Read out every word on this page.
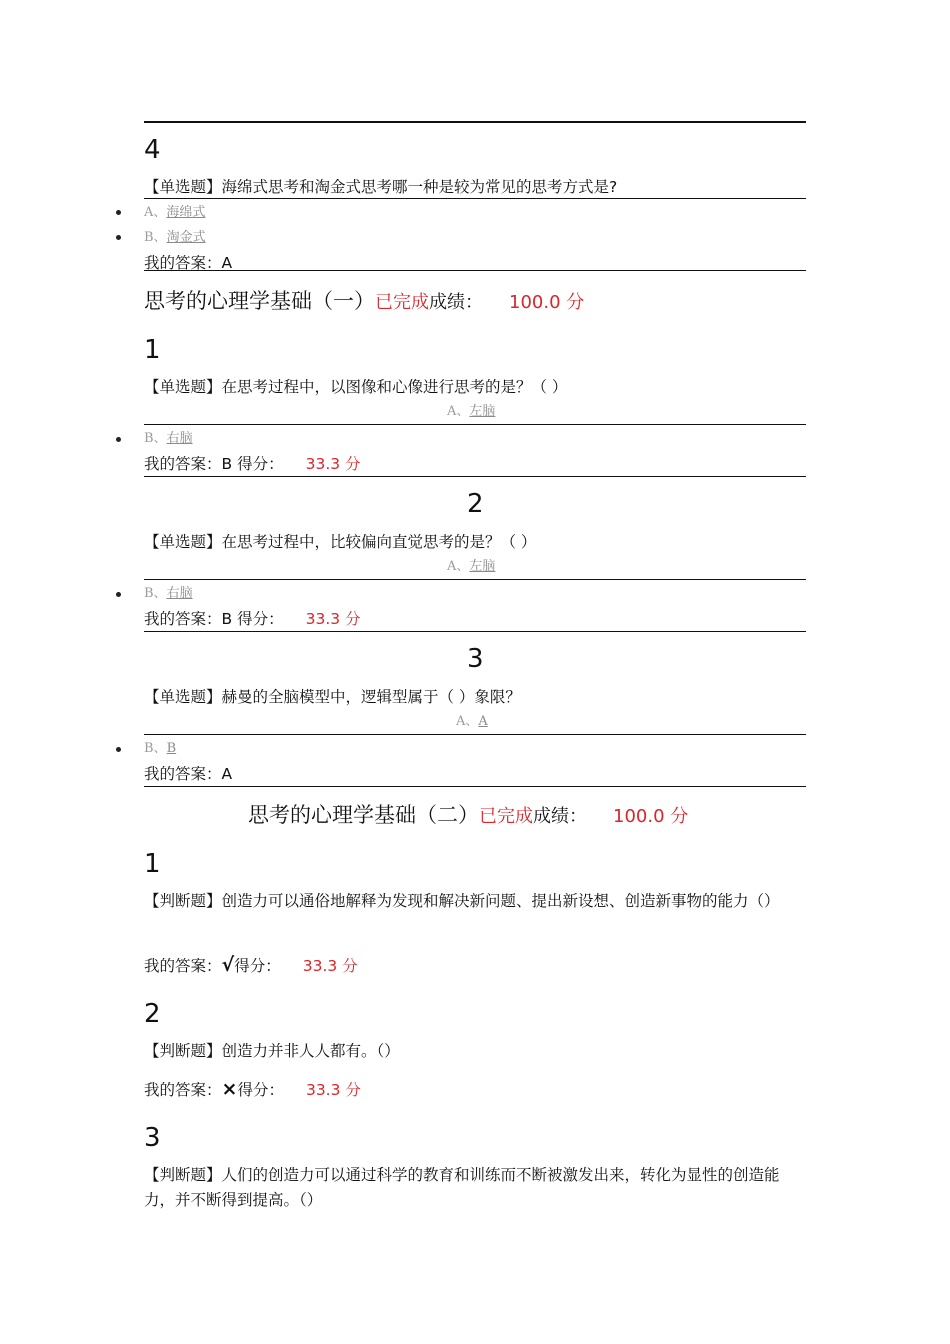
4
【单选题】海绵式思考和淘金式思考哪一种是较为常见的思考方式是?
A、海绵式
B、淘金式
我的答案：A
思考的心理学基础（一）已完成成绩： 100.0 分
1
【单选题】在思考过程中，以图像和心像进行思考的是？（ ）
A、左脑
B、右脑
我的答案：B 得分： 33.3 分
2
【单选题】在思考过程中，比较偏向直觉思考的是？（ ）
A、左脑
B、右脑
我的答案：B 得分： 33.3 分
3
【单选题】赫曼的全脑模型中，逻辑型属于（ ）象限？
A、A
B、B
我的答案：A
思考的心理学基础（二）已完成成绩： 100.0 分
1
【判断题】创造力可以通俗地解释为发现和解决新问题、提出新设想、创造新事物的能力（）
我的答案：√得分： 33.3 分
2
【判断题】创造力并非人人都有。（）
我的答案：×得分： 33.3 分
3
【判断题】人们的创造力可以通过科学的教育和训练而不断被激发出来，转化为显性的创造能力，并不断得到提高。（）
